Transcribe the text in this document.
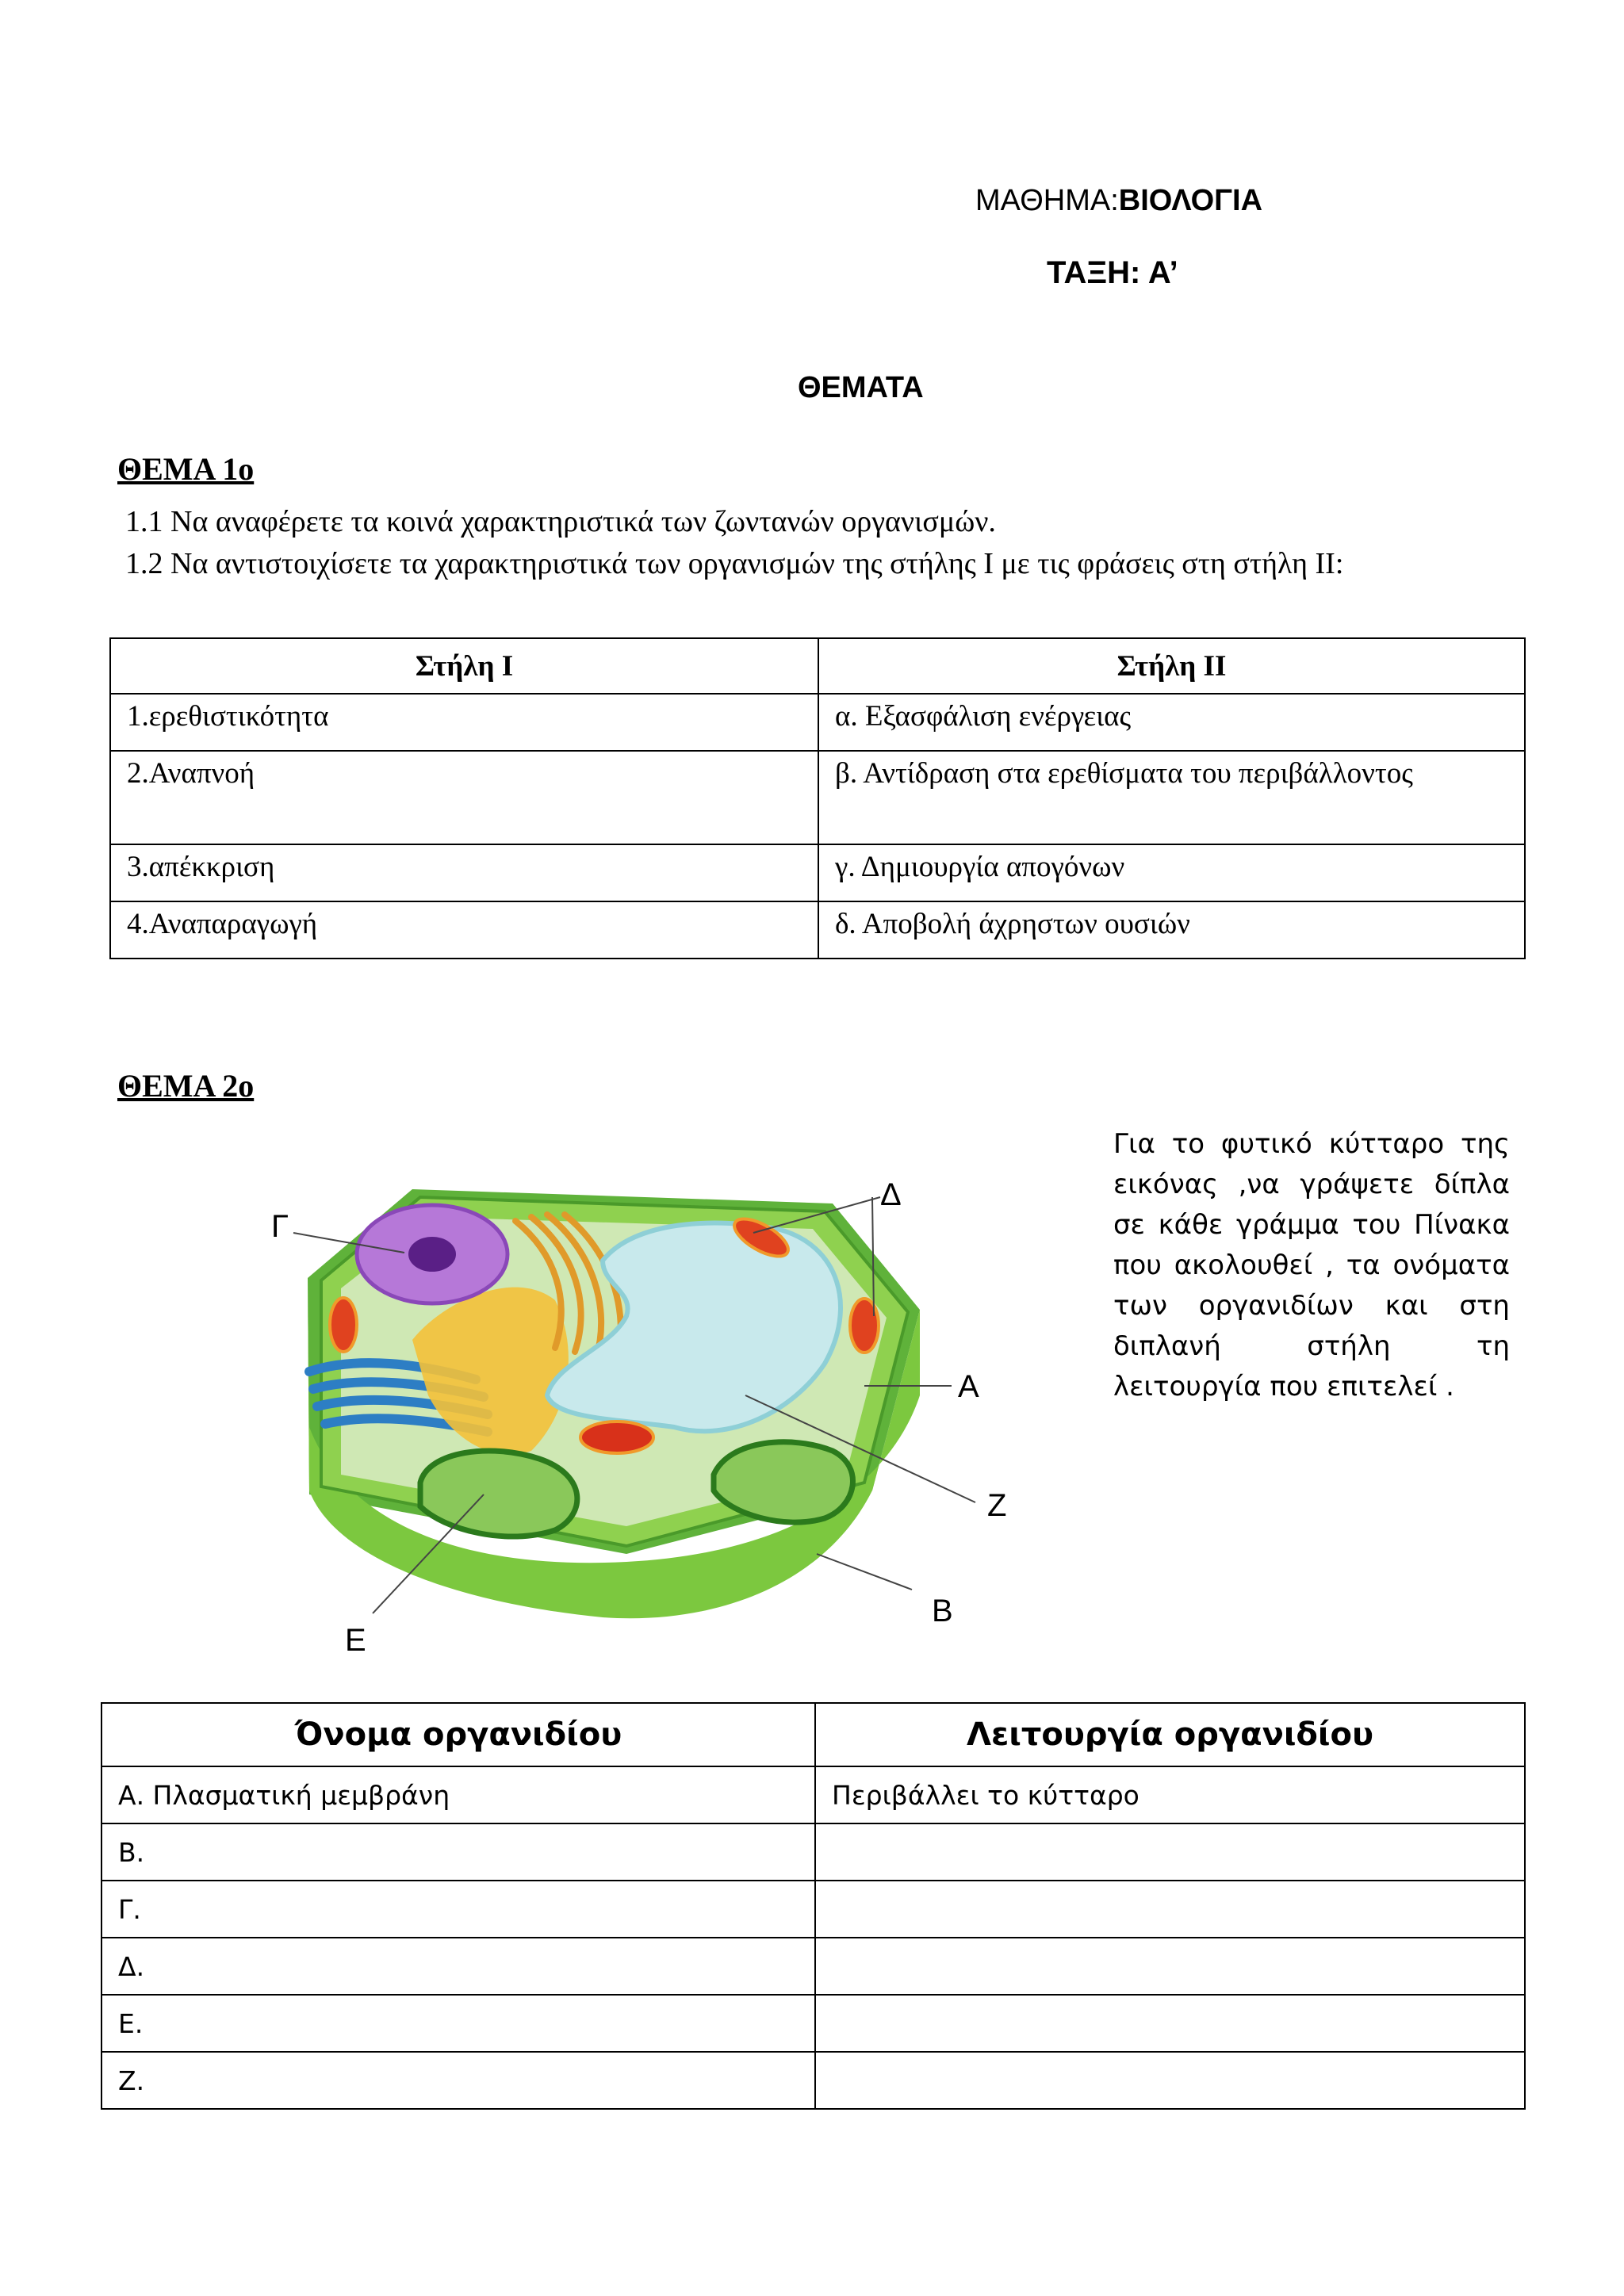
ΜΑΘΗΜΑ:ΒΙΟΛΟΓΙΑ
ΤΑΞΗ: Α’
ΘΕΜΑΤΑ
ΘΕΜΑ 1ο
1.1 Να αναφέρετε τα κοινά χαρακτηριστικά των ζωντανών οργανισμών.
1.2 Να αντιστοιχίσετε τα χαρακτηριστικά των οργανισμών της στήλης Ι με τις φράσεις στη στήλη ΙΙ:
Στήλη Ι	Στήλη ΙΙ
1.ερεθιστικότητα	α. Εξασφάλιση ενέργειας
2.Αναπνοή	β. Αντίδραση στα ερεθίσματα του περιβάλλοντος
3.απέκκριση	γ. Δημιουργία απογόνων
4.Αναπαραγωγή	δ. Αποβολή άχρηστων ουσιών
ΘΕΜΑ 2ο
Για το φυτικό κύτταρο της εικόνας ,να γράψετε δίπλα σε κάθε γράμμα του Πίνακα που ακολουθεί , τα ονόματα των οργανιδίων και στη διπλανή στήλη τη λειτουργία που επιτελεί .
Γ
Δ
Α
Ζ
Β
Ε
Όνομα οργανιδίου	Λειτουργία οργανιδίου
Α. Πλασματική μεμβράνη	Περιβάλλει το κύτταρο
Β.	
Γ.	
Δ.	
Ε.	
Ζ.	
